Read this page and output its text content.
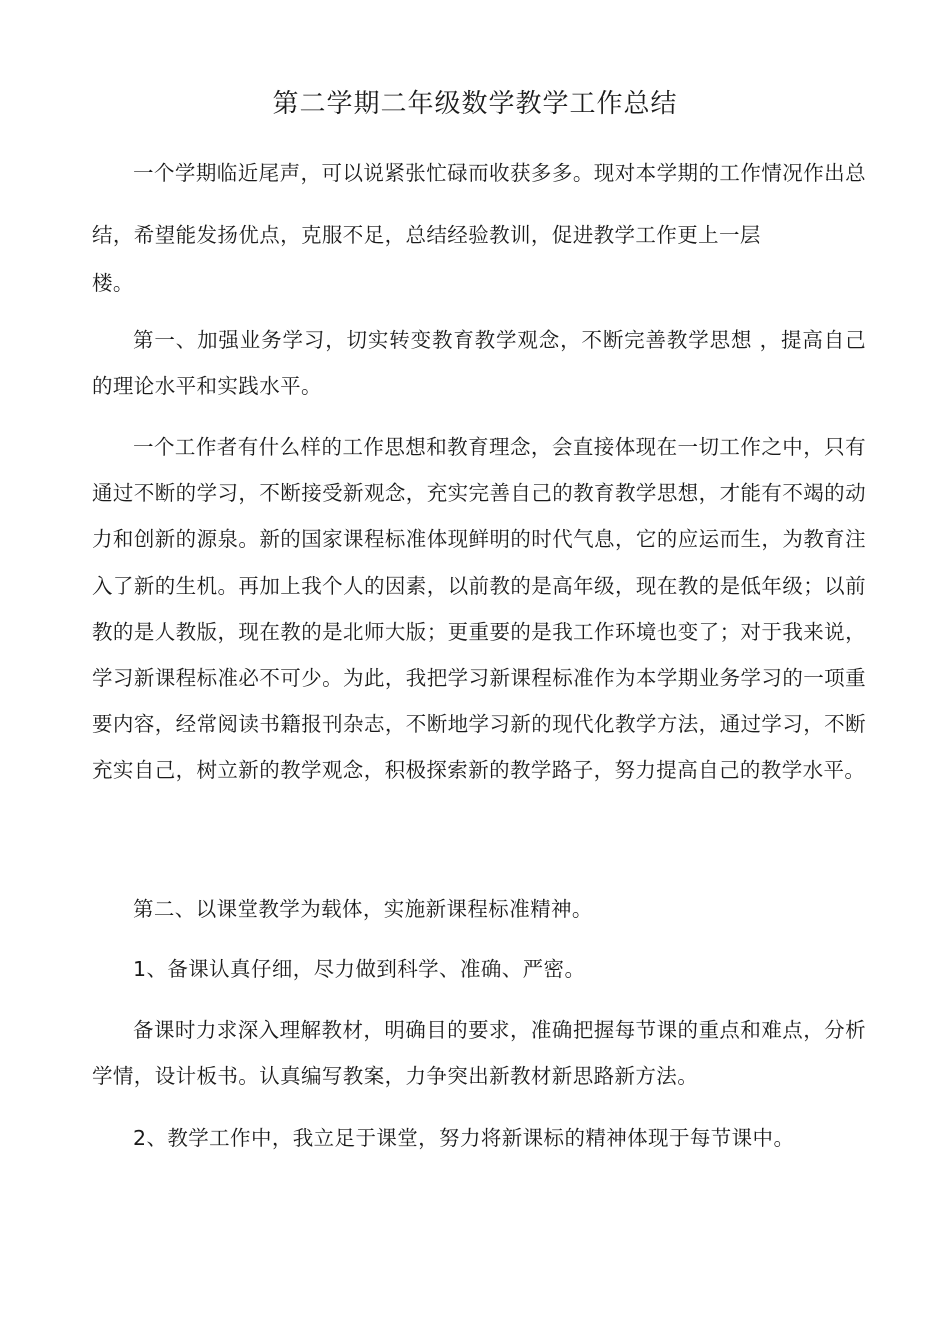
第二学期二年级数学教学工作总结

一个学期临近尾声，可以说紧张忙碌而收获多多。现对本学期的工作情况作出总结，希望能发扬优点，克服不足，总结经验教训，促进教学工作更上一层
楼。

第一、加强业务学习，切实转变教育教学观念，不断完善教学思想 ，提高自己的理论水平和实践水平。

一个工作者有什么样的工作思想和教育理念，会直接体现在一切工作之中，只有通过不断的学习，不断接受新观念，充实完善自己的教育教学思想，才能有不竭的动力和创新的源泉。新的国家课程标准体现鲜明的时代气息，它的应运而生，为教育注入了新的生机。再加上我个人的因素，以前教的是高年级，现在教的是低年级；以前教的是人教版，现在教的是北师大版；更重要的是我工作环境也变了；对于我来说，学习新课程标准必不可少。为此，我把学习新课程标准作为本学期业务学习的一项重要内容，经常阅读书籍报刊杂志，不断地学习新的现代化教学方法，通过学习，不断充实自己，树立新的教学观念，积极探索新的教学路子，努力提高自己的教学水平。

第二、以课堂教学为载体，实施新课程标准精神。

1、备课认真仔细，尽力做到科学、准确、严密。

备课时力求深入理解教材，明确目的要求，准确把握每节课的重点和难点，分析学情，设计板书。认真编写教案，力争突出新教材新思路新方法。

2、教学工作中，我立足于课堂，努力将新课标的精神体现于每节课中。
